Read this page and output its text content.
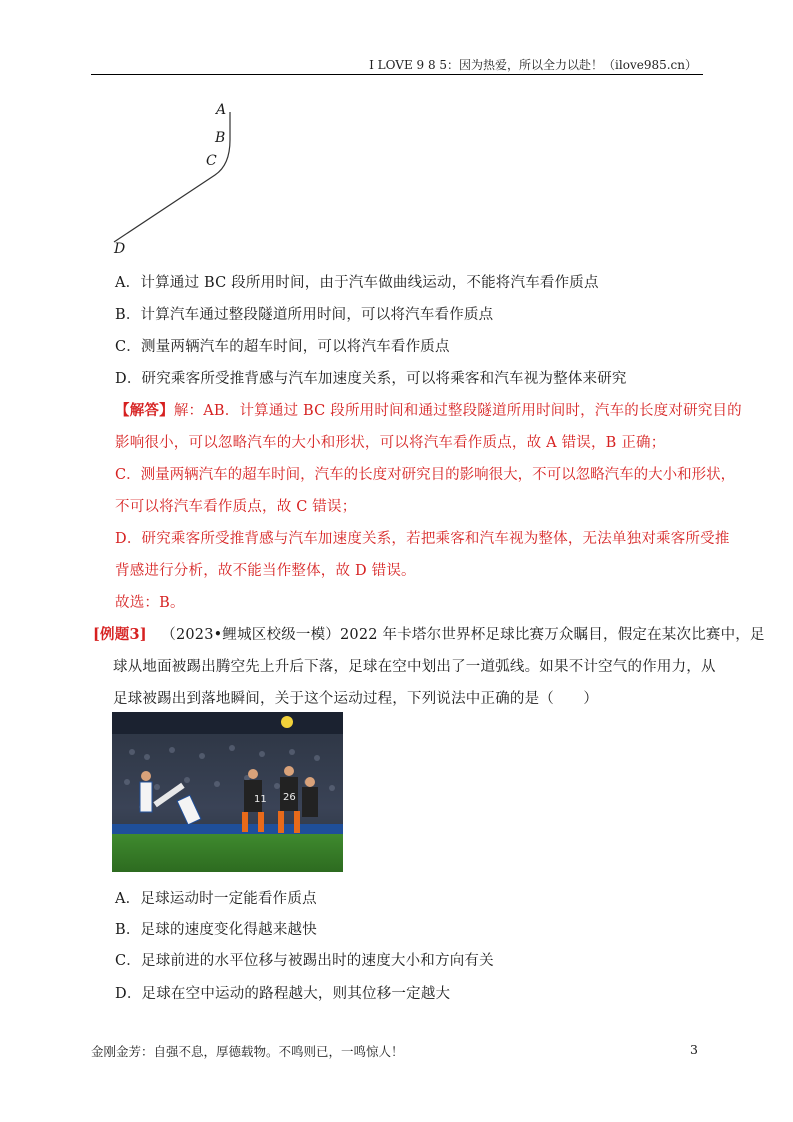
I LOVE 9 8 5：因为热爱，所以全力以赴！（ilove985.cn）
A
B
C
D
A．计算通过 BC 段所用时间，由于汽车做曲线运动，不能将汽车看作质点
B．计算汽车通过整段隧道所用时间，可以将汽车看作质点
C．测量两辆汽车的超车时间，可以将汽车看作质点
D．研究乘客所受推背感与汽车加速度关系，可以将乘客和汽车视为整体来研究
【解答】解：AB．计算通过 BC 段所用时间和通过整段隧道所用时间时，汽车的长度对研究目的
影响很小，可以忽略汽车的大小和形状，可以将汽车看作质点，故 A 错误，B 正确；
C．测量两辆汽车的超车时间，汽车的长度对研究目的影响很大，不可以忽略汽车的大小和形状，
不可以将汽车看作质点，故 C 错误；
D．研究乘客所受推背感与汽车加速度关系，若把乘客和汽车视为整体，无法单独对乘客所受推
背感进行分析，故不能当作整体，故 D 错误。
故选：B。
[例题3] （2023•鲤城区校级一模）2022 年卡塔尔世界杯足球比赛万众瞩目，假定在某次比赛中，足
球从地面被踢出腾空先上升后下落，足球在空中划出了一道弧线。如果不计空气的作用力，从
足球被踢出到落地瞬间，关于这个运动过程，下列说法中正确的是（　　）
11 26
A．足球运动时一定能看作质点
B．足球的速度变化得越来越快
C．足球前进的水平位移与被踢出时的速度大小和方向有关
D．足球在空中运动的路程越大，则其位移一定越大
金刚金芳：自强不息，厚德载物。不鸣则已，一鸣惊人！	3
